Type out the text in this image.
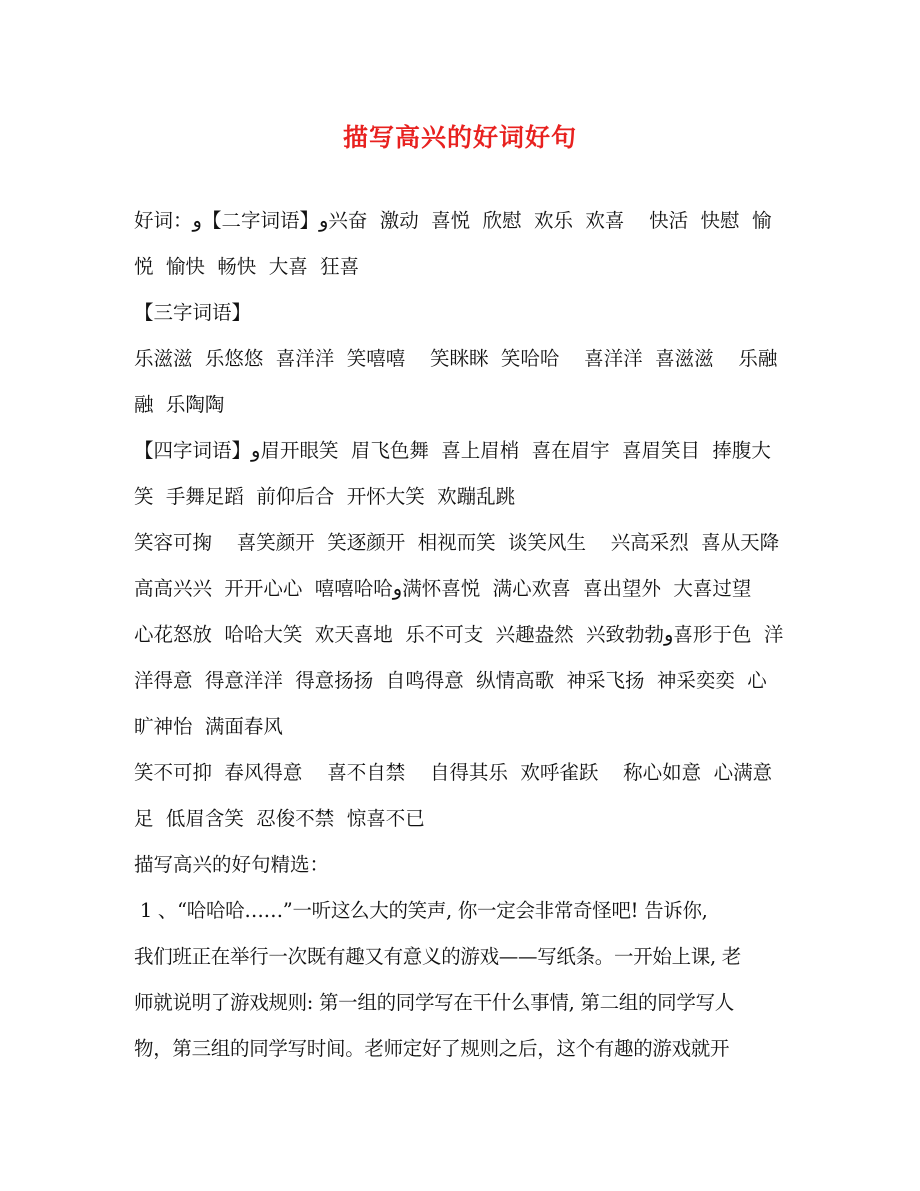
描写高兴的好词好句
好词：و【二字词语】و兴奋  激动  喜悦  欣慰  欢乐  欢喜    快活  快慰  愉
悦  愉快  畅快  大喜  狂喜
【三字词语】
乐滋滋  乐悠悠  喜洋洋  笑嘻嘻    笑眯眯  笑哈哈    喜洋洋  喜滋滋    乐融
融  乐陶陶
【四字词语】و眉开眼笑  眉飞色舞  喜上眉梢  喜在眉宇  喜眉笑目  捧腹大
笑  手舞足蹈  前仰后合  开怀大笑  欢蹦乱跳
笑容可掬    喜笑颜开  笑逐颜开  相视而笑  谈笑风生    兴高采烈  喜从天降
高高兴兴  开开心心  嘻嘻哈哈و满怀喜悦  满心欢喜  喜出望外  大喜过望
心花怒放  哈哈大笑  欢天喜地  乐不可支  兴趣盎然  兴致勃勃و喜形于色  洋
洋得意  得意洋洋  得意扬扬  自鸣得意  纵情高歌  神采飞扬  神采奕奕  心
旷神怡  满面春风
笑不可抑  春风得意    喜不自禁    自得其乐  欢呼雀跃    称心如意  心满意
足  低眉含笑  忍俊不禁  惊喜不已
描写高兴的好句精选：
1 、“哈哈哈……”一听这么大的笑声, 你一定会非常奇怪吧! 告诉你,
我们班正在举行一次既有趣又有意义的游戏——写纸条。一开始上课, 老
师就说明了游戏规则: 第一组的同学写在干什么事情, 第二组的同学写人
物，第三组的同学写时间。老师定好了规则之后，这个有趣的游戏就开
